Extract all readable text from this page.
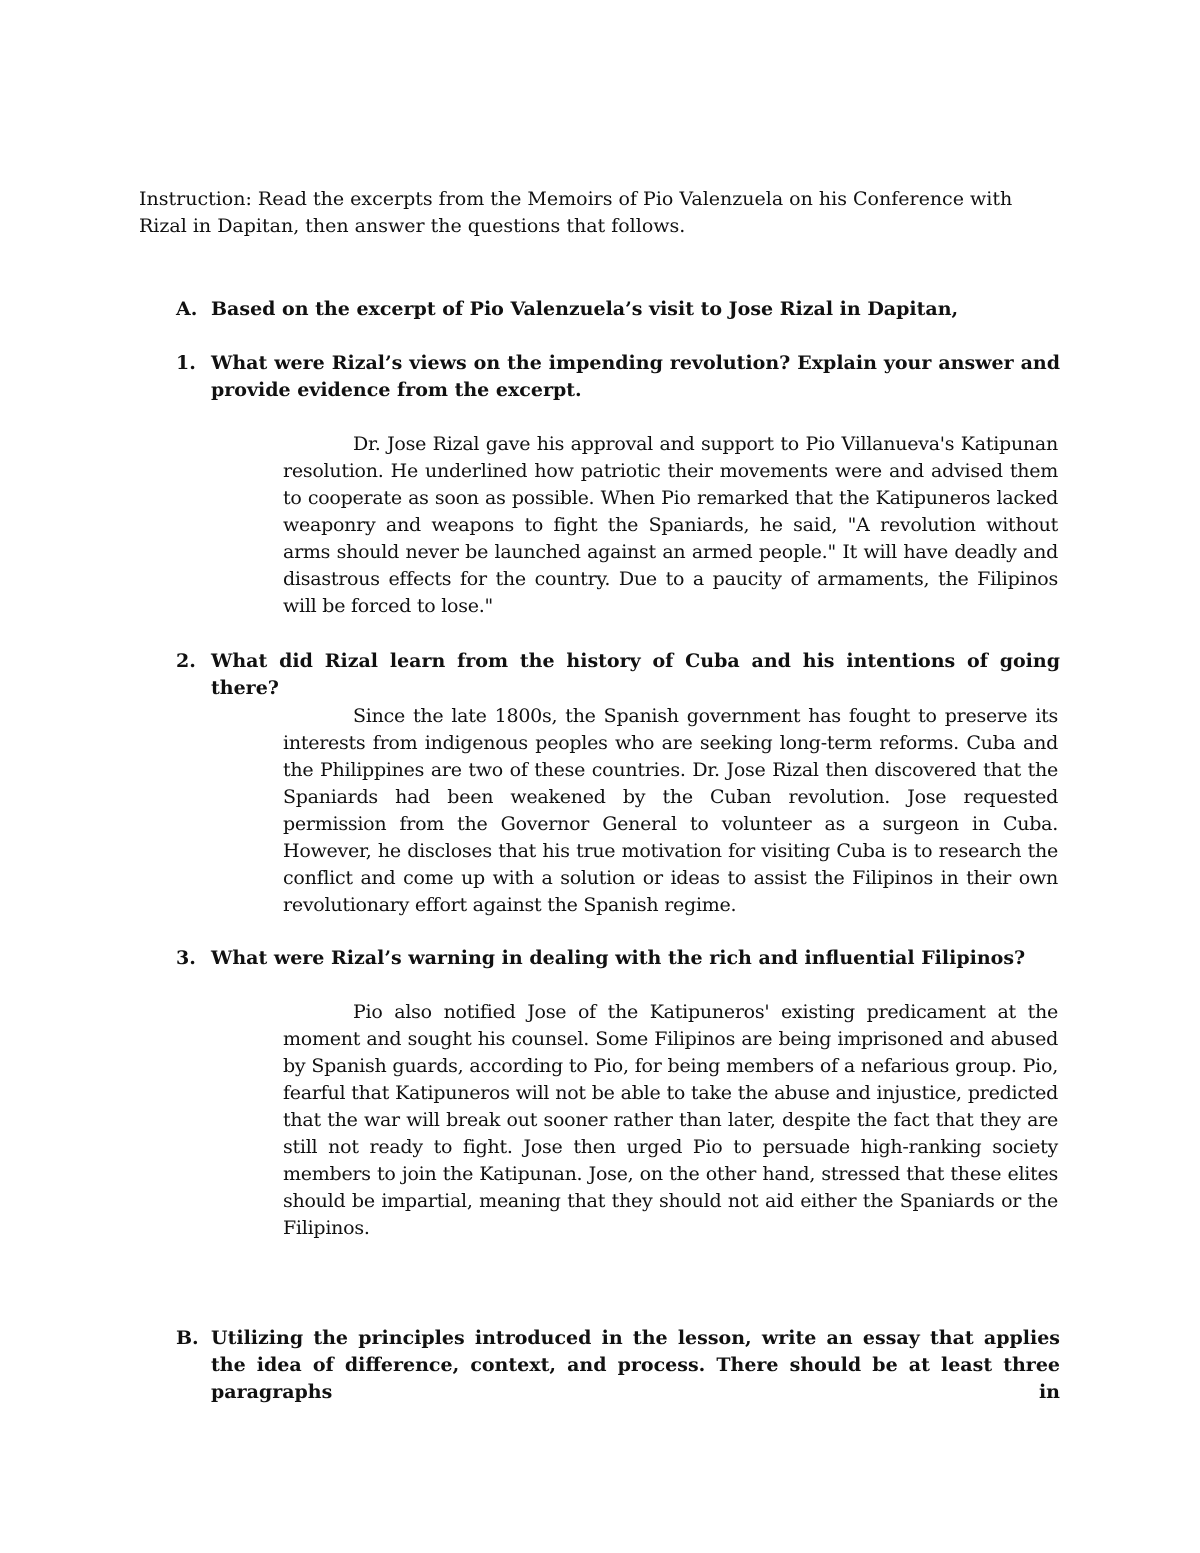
Instruction: Read the excerpts from the Memoirs of Pio Valenzuela on his Conference with Rizal in Dapitan, then answer the questions that follows.

A. Based on the excerpt of Pio Valenzuela’s visit to Jose Rizal in Dapitan,
1. What were Rizal’s views on the impending revolution? Explain your answer and provide evidence from the excerpt.

Dr. Jose Rizal gave his approval and support to Pio Villanueva's Katipunan resolution. He underlined how patriotic their movements were and advised them to cooperate as soon as possible. When Pio remarked that the Katipuneros lacked weaponry and weapons to fight the Spaniards, he said, "A revolution without arms should never be launched against an armed people." It will have deadly and disastrous effects for the country. Due to a paucity of armaments, the Filipinos will be forced to lose."

2. What did Rizal learn from the history of Cuba and his intentions of going there?

Since the late 1800s, the Spanish government has fought to preserve its interests from indigenous peoples who are seeking long-term reforms. Cuba and the Philippines are two of these countries. Dr. Jose Rizal then discovered that the Spaniards had been weakened by the Cuban revolution. Jose requested permission from the Governor General to volunteer as a surgeon in Cuba. However, he discloses that his true motivation for visiting Cuba is to research the conflict and come up with a solution or ideas to assist the Filipinos in their own revolutionary effort against the Spanish regime.

3. What were Rizal’s warning in dealing with the rich and influential Filipinos?

Pio also notified Jose of the Katipuneros' existing predicament at the moment and sought his counsel. Some Filipinos are being imprisoned and abused by Spanish guards, according to Pio, for being members of a nefarious group. Pio, fearful that Katipuneros will not be able to take the abuse and injustice, predicted that the war will break out sooner rather than later, despite the fact that they are still not ready to fight. Jose then urged Pio to persuade high-ranking society members to join the Katipunan. Jose, on the other hand, stressed that these elites should be impartial, meaning that they should not aid either the Spaniards or the Filipinos.

B. Utilizing the principles introduced in the lesson, write an essay that applies the idea of difference, context, and process. There should be at least three paragraphs in
